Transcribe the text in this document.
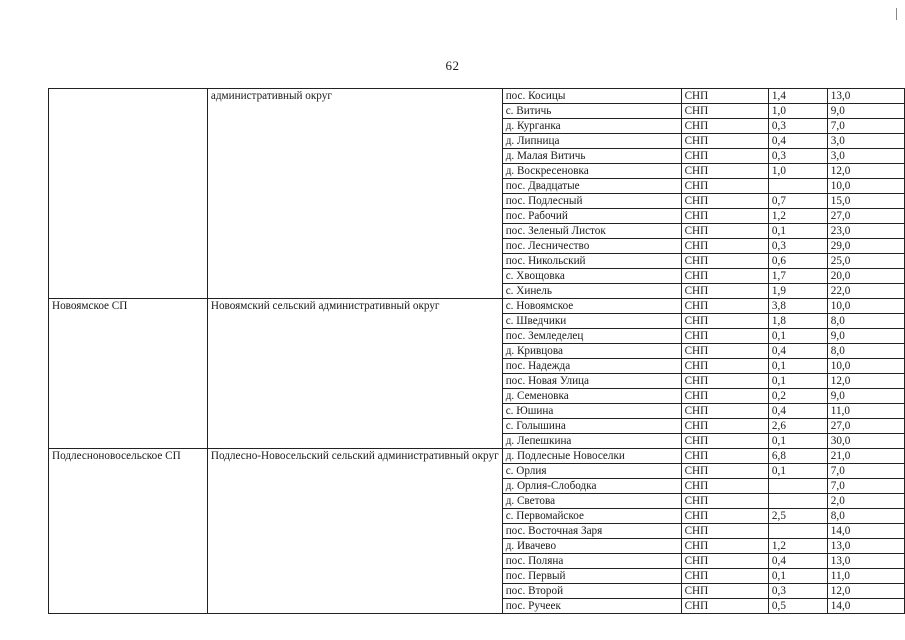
62
	административный округ	пос. Косицы	СНП	1,4	13,0
		с. Витичь	СНП	1,0	9,0
		д. Курганка	СНП	0,3	7,0
		д. Липница	СНП	0,4	3,0
		д. Малая Витичь	СНП	0,3	3,0
		д. Воскресеновка	СНП	1,0	12,0
		пос. Двадцатые	СНП		10,0
		пос. Подлесный	СНП	0,7	15,0
		пос. Рабочий	СНП	1,2	27,0
		пос. Зеленый Листок	СНП	0,1	23,0
		пос. Лесничество	СНП	0,3	29,0
		пос. Никольский	СНП	0,6	25,0
		с. Хвощовка	СНП	1,7	20,0
		с. Хинель	СНП	1,9	22,0
Новоямское СП	Новоямский сельский административный округ	с. Новоямское	СНП	3,8	10,0
		с. Шведчики	СНП	1,8	8,0
		пос. Земледелец	СНП	0,1	9,0
		д. Кривцова	СНП	0,4	8,0
		пос. Надежда	СНП	0,1	10,0
		пос. Новая Улица	СНП	0,1	12,0
		д. Семеновка	СНП	0,2	9,0
		с. Юшина	СНП	0,4	11,0
		с. Голышина	СНП	2,6	27,0
		д. Лепешкина	СНП	0,1	30,0
Подлесноновосельское СП	Подлесно-Новосельский сельский административный округ	д. Подлесные Новоселки	СНП	6,8	21,0
		с. Орлия	СНП	0,1	7,0
		д. Орлия-Слободка	СНП		7,0
		д. Светова	СНП		2,0
		с. Первомайское	СНП	2,5	8,0
		пос. Восточная Заря	СНП		14,0
		д. Ивачево	СНП	1,2	13,0
		пос. Поляна	СНП	0,4	13,0
		пос. Первый	СНП	0,1	11,0
		пос. Второй	СНП	0,3	12,0
		пос. Ручеек	СНП	0,5	14,0
